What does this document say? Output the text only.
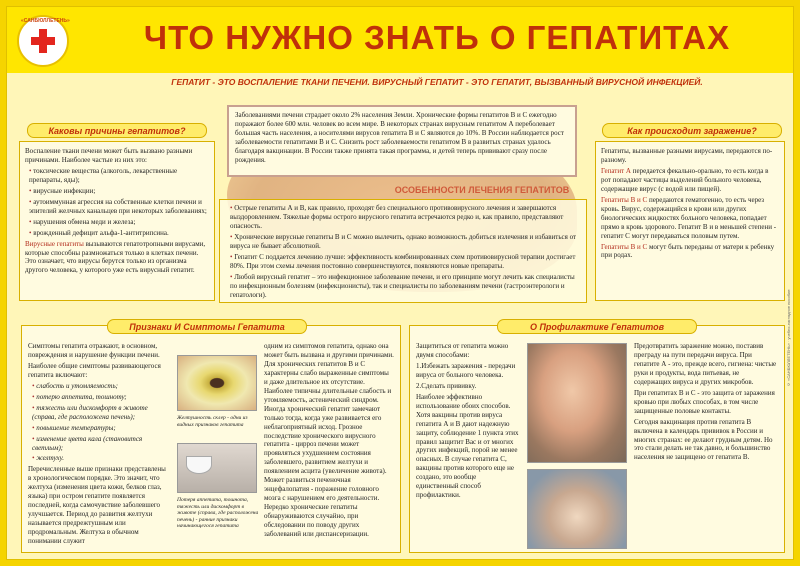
«САНБЮЛЛЕТЕНЬ»	ЧТО НУЖНО ЗНАТЬ О ГЕПАТИТАХ
ГЕПАТИТ - ЭТО ВОСПАЛЕНИЕ ТКАНИ ПЕЧЕНИ. ВИРУСНЫЙ ГЕПАТИТ - ЭТО ГЕПАТИТ, ВЫЗВАННЫЙ ВИРУСНОЙ ИНФЕКЦИЕЙ.
Каковы причины гепатитов?

Воспаление ткани печени может быть вызвано разными причинами. Наиболее частые из них это:

• токсические вещества (алкоголь, лекарственные препараты, яды);
• вирусные инфекции;
• аутоиммунная агрессия на собственные клетки печени и эпителий желчных канальцев при некоторых заболеваниях;
• нарушения обмена меди и железа;
• врожденный дефицит альфа-1-антитрипсина.

Вирусные гепатиты вызываются гепатотропными вирусами, которые способны размножаться только в клетках печени. Это означает, что вирусы берутся только из организма другого человека, у которого уже есть вирусный гепатит.

Заболеваниями печени страдает около 2% населения Земли. Хронические формы гепатитов В и С ежегодно поражают более 600 млн. человек во всем мире. В некоторых странах вирусным гепатитом А переболевает большая часть населения, а носителями вирусов гепатита В и С являются до 10%. В России наблюдается рост заболеваемости гепатитами В и С. Снизить рост заболеваемости гепатитом В в развитых странах удалось благодаря вакцинации. В России также принята такая программа, и детей теперь прививают сразу после рождения.

ОСОБЕННОСТИ ЛЕЧЕНИЯ ГЕПАТИТОВ
• Острые гепатиты А и В, как правило, проходят без специального противовирусного лечения и завершаются выздоровлением. Тяжелые формы острого вирусного гепатита встречаются редко и, как правило, представляют опасность.
• Хронические вирусные гепатиты В и С можно вылечить, однако возможность добиться излечения и избавиться от вируса не бывает абсолютной.
• Гепатит С поддается лечению лучше: эффективность комбинированных схем противовирусной терапии достигает 80%. При этом схемы лечения постоянно совершенствуются, появляются новые препараты.
• Любой вирусный гепатит – это инфекционное заболевание печени, и его принципе могут лечить как специалисты по инфекционным болезням (инфекционисты), так и специалисты по заболеваниям печени (гастроэнтерологи и гепатологи).
Как происходит заражение?

Гепатиты, вызванные разными вирусами, передаются по-разному.

Гепатит А передается фекально-орально, то есть когда в рот попадают частицы выделений больного человека, содержащие вирус (с водой или пищей).

Гепатиты В и С передаются гематогенно, то есть через кровь. Вирус, содержащийся в крови или других биологических жидкостях больного человека, попадает прямо в кровь здорового. Гепатит В и в меньшей степени - гепатит С могут передаваться половым путем.

Гепатиты В и С могут быть переданы от матери к ребенку при родах.

Признаки И Симптомы Гепатита

Симптомы гепатита отражают, в основном, повреждения и нарушение функции печени.

Наиболее общие симптомы развивающегося гепатита включают:

• слабость и утомляемость;
• потерю аппетита, тошноту;
• тяжесть или дискомфорт в животе (справа, где расположена печень);
• повышение температуры;
• изменение цвета кала (становится светлым);
• желтуху.

Перечисленные выше признаки представлены в хронологическом порядке. Это значит, что желтуха (изменения цвета кожи, белков глаз, языка) при остром гепатите появляется последней, когда самочувствие заболевшего улучшается. Период до развития желтухи называется предрежтушным или продромальным. Желтуха в обычном понимании служит

Желтушность склер - одни из видных признаков гепатита
Потеря аппетита, тошнота, тяжесть или дискомфорт в животе (справа, где расположена печень) - ранние признаки начинающегося гепатита

одним из симптомов гепатита, однако она может быть вызвана и другими причинами. Для хронических гепатитов В и С характерны слабо выраженные симптомы и даже длительное их отсутствие. Наиболее типичны длительные слабость и утомляемость, астенический синдром. Иногда хронический гепатит замечают только тогда, когда уже развивается его неблагоприятный исход. Грозное последствие хронического вирусного гепатита - цирроз печени может проявляться ухудшением состояния заболевшего, развитием желтухи и появлением асцита (увеличение живота). Может развиться печеночная энцефалопатия - поражение головного мозга с нарушением его деятельности. Нередко хронические гепатиты обнаруживаются случайно, при обследовании по поводу других заболеваний или диспансеризации.

О Профилактике Гепатитов

Защититься от гепатита можно двумя способами:

1.Избежать заражения - передачи вируса от больного человека.

2.Сделать прививку.

Наиболее эффективно использование обоих способов. Хотя вакцины против вируса гепатита А и В дают надежную защиту, соблюдение 1 пункта этих правил защитит Вас и от многих других инфекций, порой не менее опасных. В случае гепатита С, вакцины против которого еще не создано, это вообще единственный способ профилактики.

Предотвратить заражение можно, поставив преграду на пути передачи вируса. При гепатите А - это, прежде всего, гигиена: чистые руки и продукты, вода питьевая, не содержащих вируса и других микробов.

При гепатитах В и С - это защита от заражения кровью при любых способах, в том числе защищенные половые контакты.

Сегодня вакцинация против гепатита В включена в календарь прививок в России и многих странах: ее делают грудным детям. Но это стали делать не так давно, и большинство населения не защищено от гепатита В.

© «САНБЮЛЛЕТЕНЬ» · учебно-наглядное пособие
